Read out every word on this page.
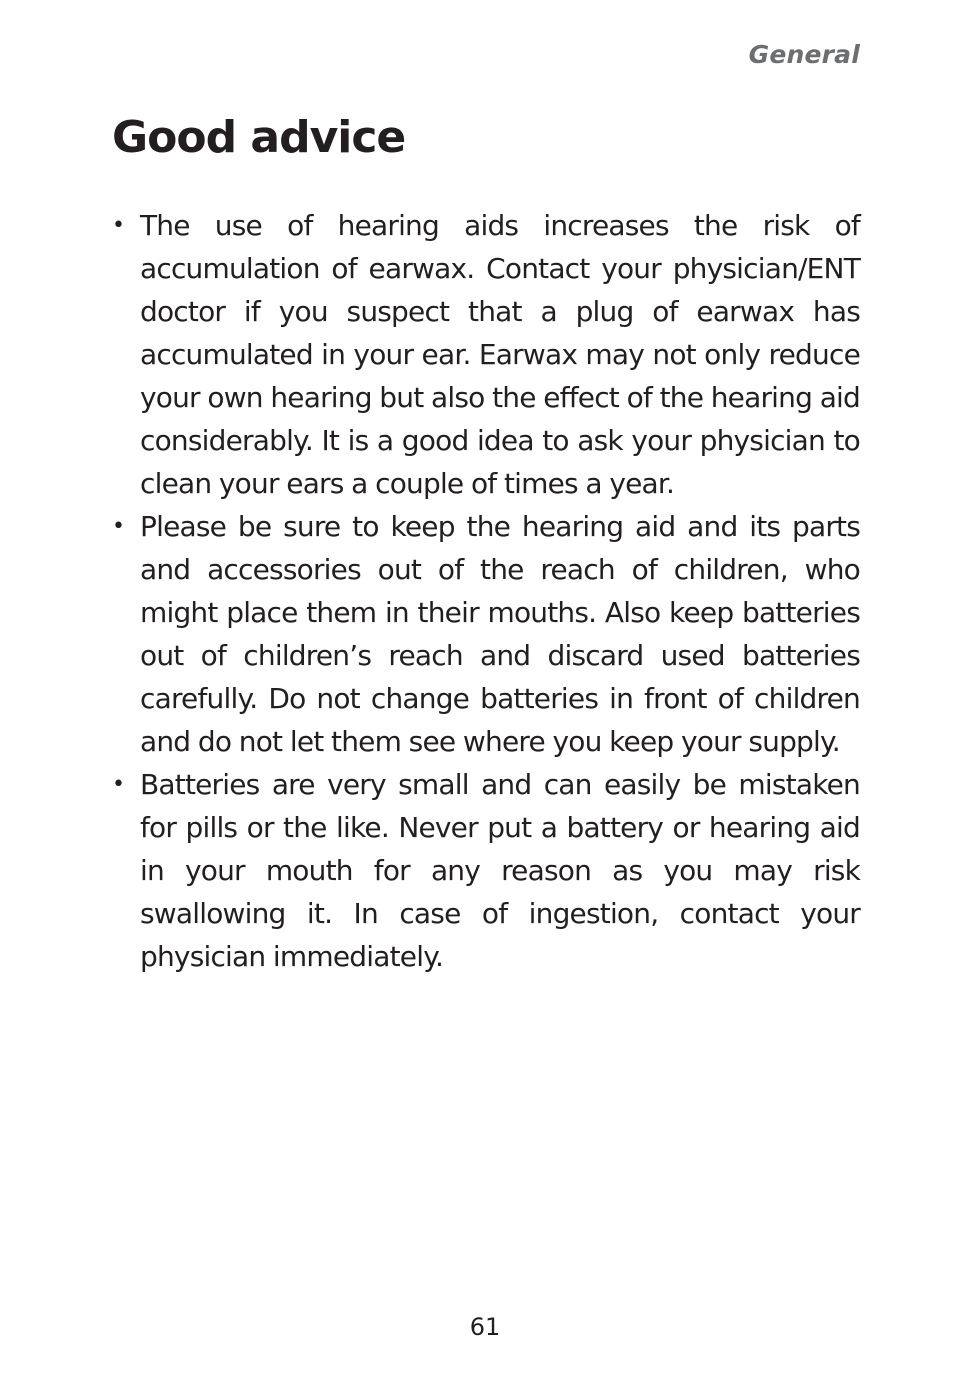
General
Good advice
• The use of hearing aids increases the risk of accumulation of earwax. Contact your physician/ENT doctor if you suspect that a plug of earwax has accumulated in your ear. Earwax may not only reduce your own hearing but also the effect of the hearing aid considerably. It is a good idea to ask your physician to clean your ears a couple of times a year.
• Please be sure to keep the hearing aid and its parts and accessories out of the reach of children, who might place them in their mouths. Also keep batteries out of children’s reach and discard used batteries carefully. Do not change batteries in front of children and do not let them see where you keep your supply.
• Batteries are very small and can easily be mistaken for pills or the like. Never put a battery or hearing aid in your mouth for any reason as you may risk swallowing it. In case of ingestion, contact your physician immediately.
61
